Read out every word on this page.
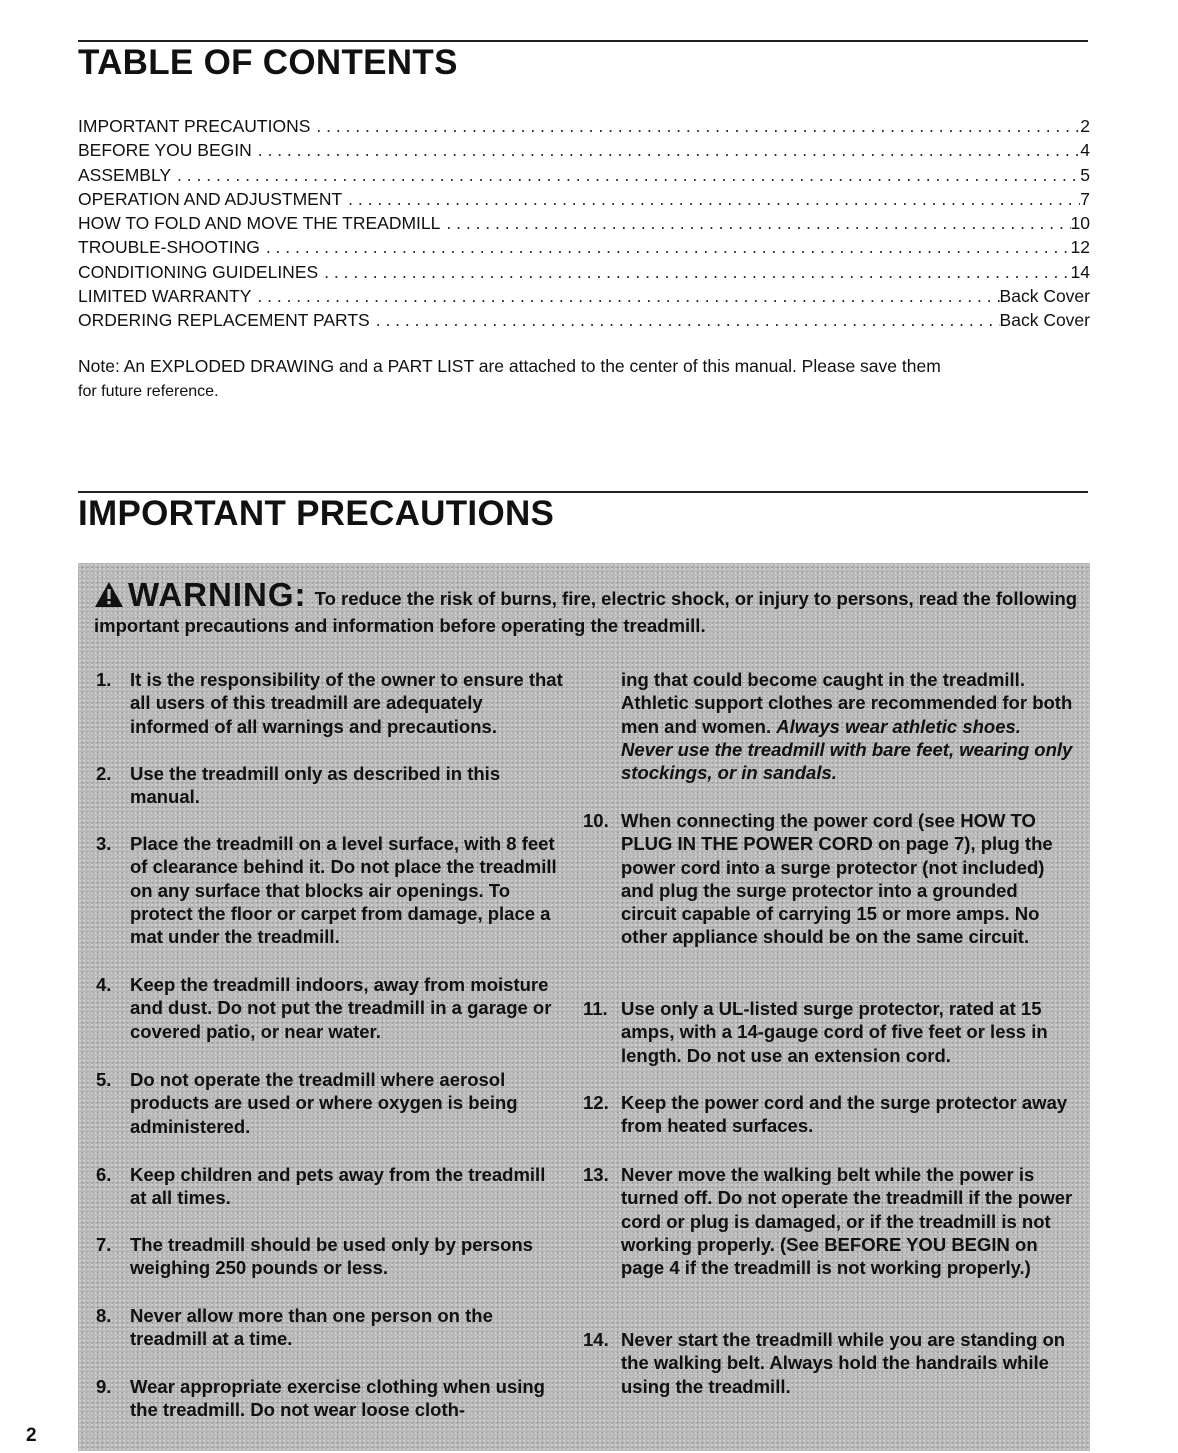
TABLE OF CONTENTS
IMPORTANT PRECAUTIONS . . .	2
BEFORE YOU BEGIN . . .	4
ASSEMBLY . . .	5
OPERATION AND ADJUSTMENT . . .	7
HOW TO FOLD AND MOVE THE TREADMILL . . .	10
TROUBLE-SHOOTING . . .	12
CONDITIONING GUIDELINES . . .	14
LIMITED WARRANTY . . .	Back Cover
ORDERING REPLACEMENT PARTS . . .	Back Cover

Note: An EXPLODED DRAWING and a PART LIST are attached to the center of this manual. Please save them
for future reference.

IMPORTANT PRECAUTIONS
WARNING: To reduce the risk of burns, fire, electric shock, or injury to persons, read the following important precautions and information before operating the treadmill.
1.	It is the responsibility of the owner to ensure that all users of this treadmill are adequately informed of all warnings and precautions.
2.	Use the treadmill only as described in this manual.
3.	Place the treadmill on a level surface, with 8 feet of clearance behind it. Do not place the treadmill on any surface that blocks air openings. To protect the floor or carpet from damage, place a mat under the treadmill.
4.	Keep the treadmill indoors, away from moisture and dust. Do not put the treadmill in a garage or covered patio, or near water.
5.	Do not operate the treadmill where aerosol products are used or where oxygen is being administered.
6.	Keep children and pets away from the treadmill at all times.
7.	The treadmill should be used only by persons weighing 250 pounds or less.
8.	Never allow more than one person on the treadmill at a time.
9.	Wear appropriate exercise clothing when using the treadmill. Do not wear loose cloth-
ing that could become caught in the treadmill. Athletic support clothes are recommended for both men and women. Always wear athletic shoes. Never use the treadmill with bare feet, wearing only stockings, or in sandals.
10. When connecting the power cord (see HOW TO PLUG IN THE POWER CORD on page 7), plug the power cord into a surge protector (not included) and plug the surge protector into a grounded circuit capable of carrying 15 or more amps. No other appliance should be on the same circuit.
11. Use only a UL-listed surge protector, rated at 15 amps, with a 14-gauge cord of five feet or less in length. Do not use an extension cord.
12. Keep the power cord and the surge protector away from heated surfaces.
13. Never move the walking belt while the power is turned off. Do not operate the treadmill if the power cord or plug is damaged, or if the treadmill is not working properly. (See BEFORE YOU BEGIN on page 4 if the treadmill is not working properly.)
14. Never start the treadmill while you are standing on the walking belt. Always hold the handrails while using the treadmill.
2
